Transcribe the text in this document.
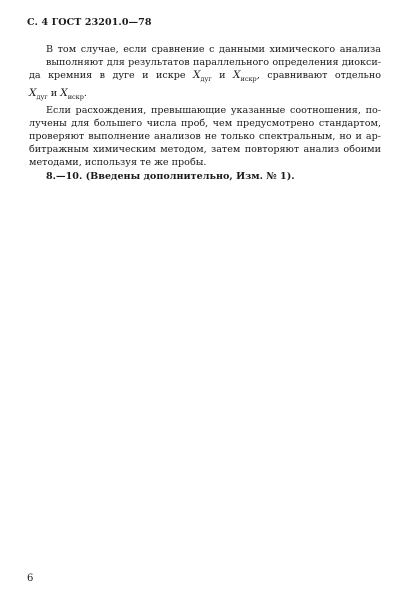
С. 4 ГОСТ 23201.0—78

В том случае, если сравнение с данными химического анализа
выполняют для результатов параллельного определения диокси-
да кремния в дуге и искре $X_{дуг}$ и $X_{искр}$, сравнивают отдельно
$X_{дуг}$ и $X_{искр}$.

Если расхождения, превышающие указанные соотношения, по-
лучены для большего числа проб, чем предусмотрено стандартом,
проверяют выполнение анализов не только спектральным, но и ар-
битражным химическим методом, затем повторяют анализ обоими
методами, используя те же пробы.

8.—10. (Введены дополнительно, Изм. № 1).

6
